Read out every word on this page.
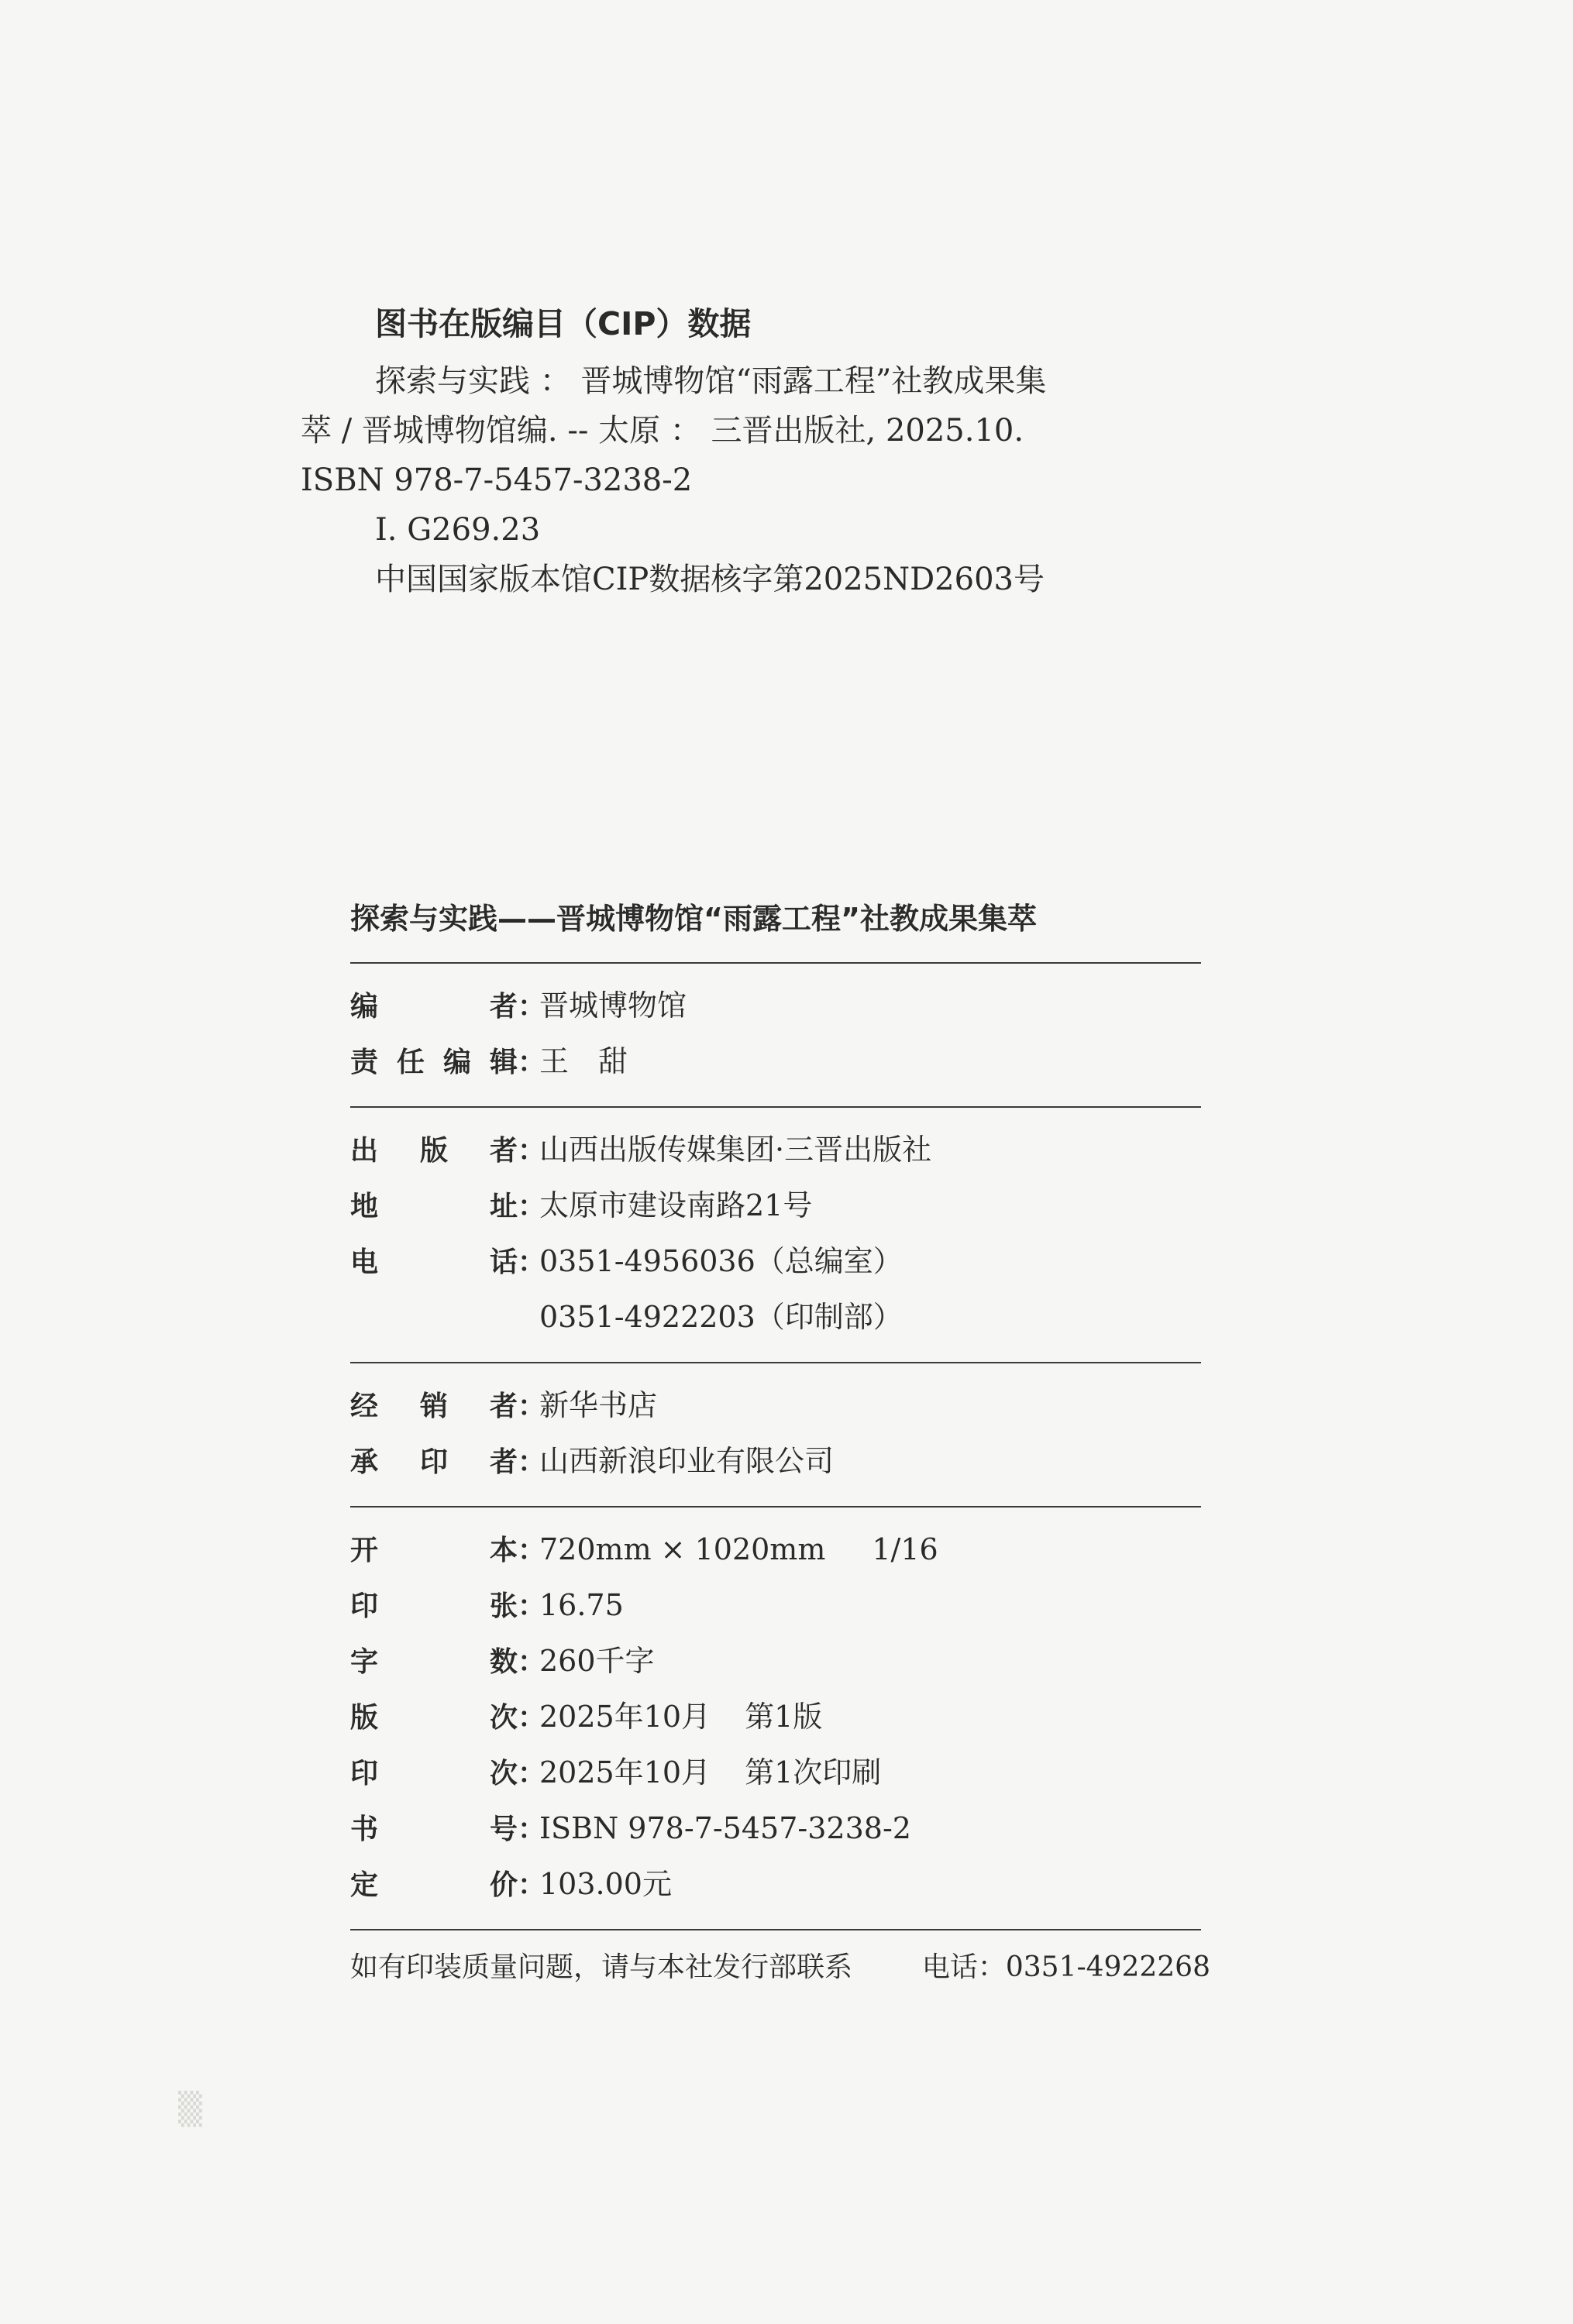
▒
图书在版编目（CIP）数据
探索与实践 ： 晋城博物馆“雨露工程”社教成果集
萃 / 晋城博物馆编. -- 太原 ： 三晋出版社, 2025.10.
ISBN 978-7-5457-3238-2
Ⅰ. G269.23
中国国家版本馆CIP数据核字第2025ND2603号
探索与实践——晋城博物馆“雨露工程”社教成果集萃
编	者 ：
晋城博物馆
责 任 编 辑 ：
王　甜
出 版 者 ：
山西出版传媒集团·三晋出版社
地	址 ：
太原市建设南路21号
电	话 ：
0351-4956036（总编室）
0351-4922203（印制部）
经 销 者 ：
新华书店
承 印 者 ：
山西新浪印业有限公司
开	本 ：
720mm × 1020mm 1/16
印	张 ：
16.75
字	数 ：
260千字
版	次 ：
2025年10月 第1版
印	次 ：
2025年10月 第1次印刷
书	号 ：
ISBN 978-7-5457-3238-2
定	价 ：
103.00元
如有印装质量问题，请与本社发行部联系 电话：0351-4922268
